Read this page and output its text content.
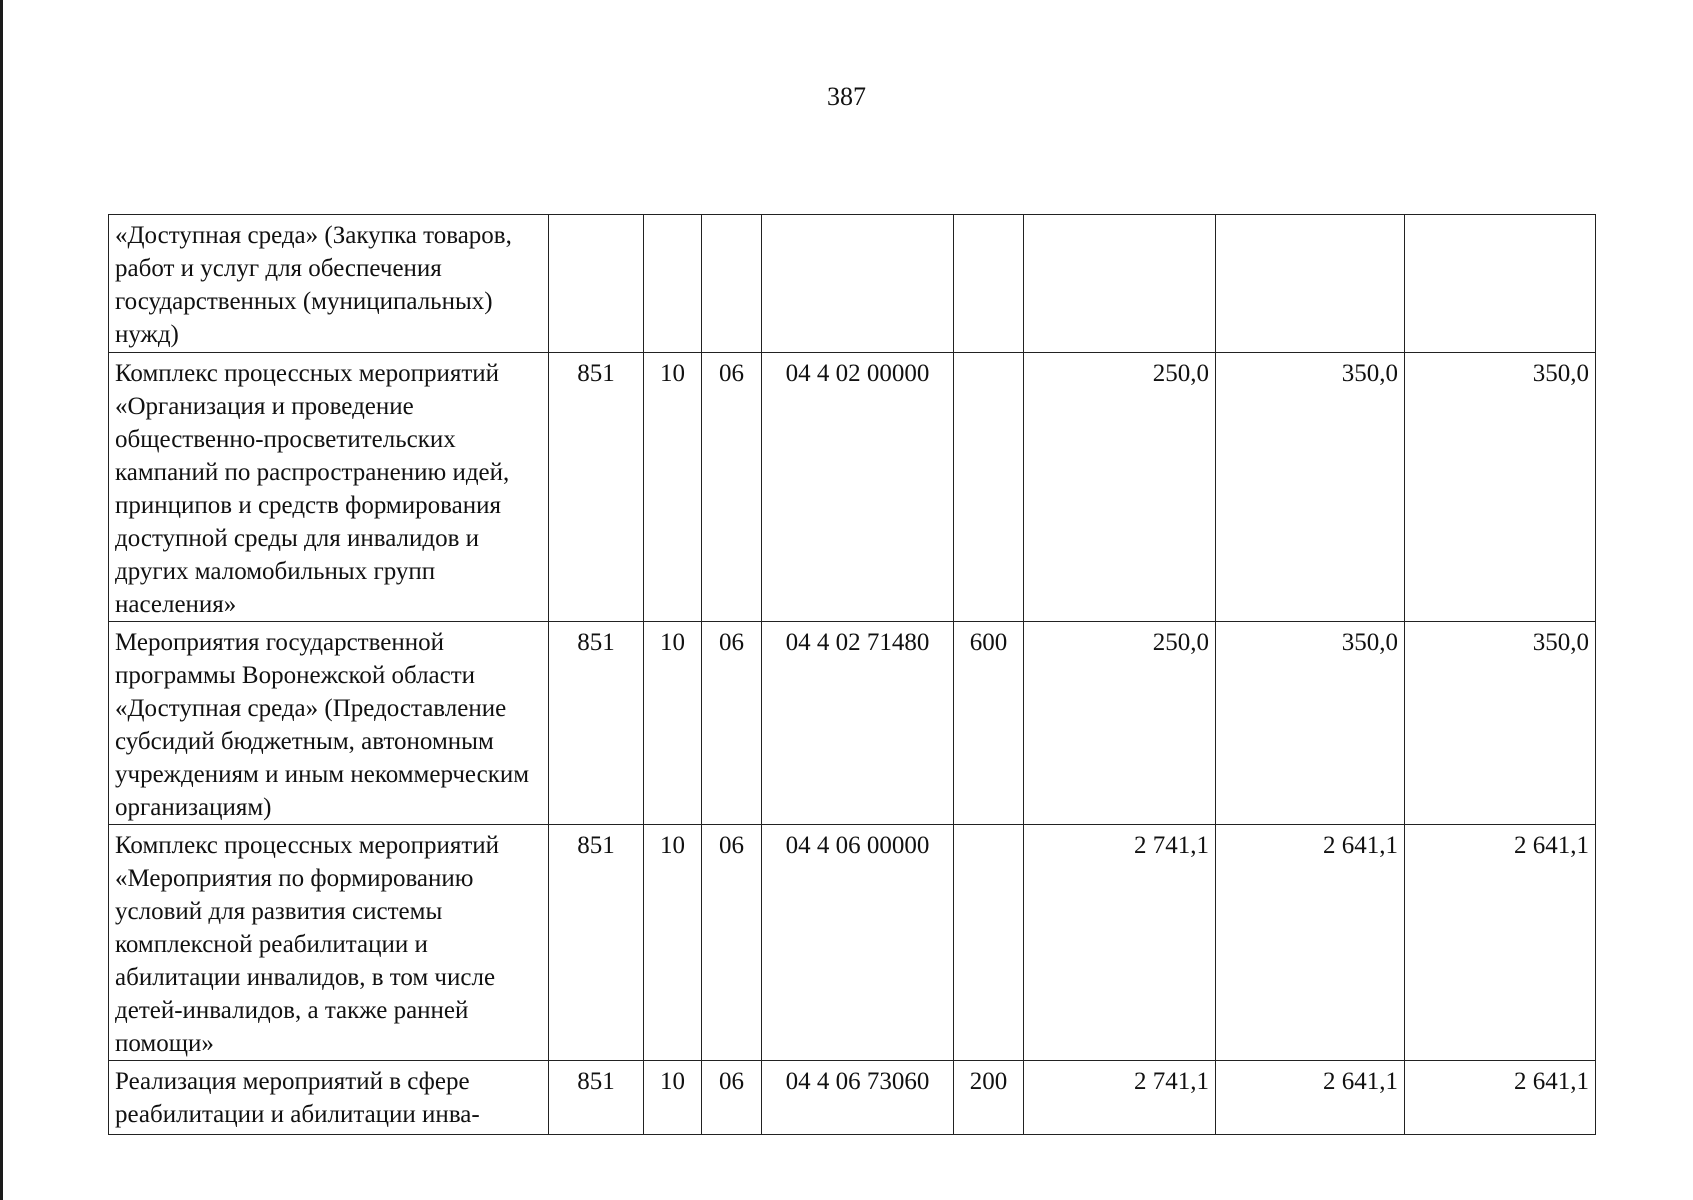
387
«Доступная среда» (Закупка товаров, работ и услуг для обеспечения государственных (муниципальных) нужд)								
Комплекс процессных мероприятий «Организация и проведение общественно-просветительских кампаний по распространению идей, принципов и средств формирования доступной среды для инвалидов и других маломобильных групп населения»	851	10	06	04 4 02 00000		250,0	350,0	350,0
Мероприятия государственной программы Воронежской области «Доступная среда» (Предоставление субсидий бюджетным, автономным учреждениям и иным некоммерческим организациям)	851	10	06	04 4 02 71480	600	250,0	350,0	350,0
Комплекс процессных мероприятий «Мероприятия по формированию условий для развития системы комплексной реабилитации и абилитации инвалидов, в том числе детей-инвалидов, а также ранней помощи»	851	10	06	04 4 06 00000		2 741,1	2 641,1	2 641,1
Реализация мероприятий в сфере реабилитации и абилитации инва-	851	10	06	04 4 06 73060	200	2 741,1	2 641,1	2 641,1
